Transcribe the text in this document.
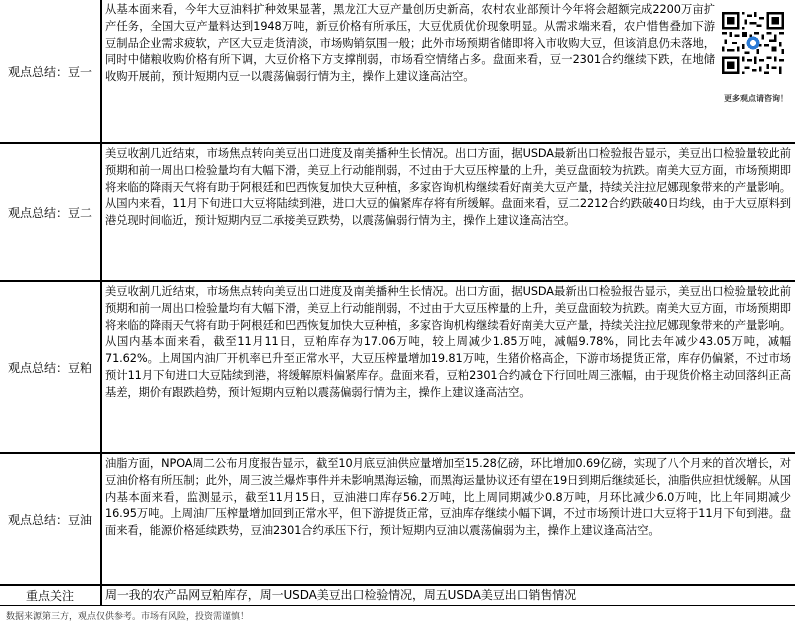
观点总结：豆一
从基本面来看，今年大豆油料扩种效果显著，黑龙江大豆产量创历史新高，农村农业部预计今年将会超额完成2200万亩扩产任务，全国大豆产量料达到1948万吨，新豆价格有所承压，大豆优质优价现象明显。从需求端来看，农户惜售叠加下游豆制品企业需求疲软，产区大豆走货清淡，市场购销氛围一般；此外市场预期省储即将入市收购大豆，但该消息仍未落地，同时中储粮收购价格有所下调，大豆价格下方支撑削弱，市场看空情绪占多。盘面来看，豆一2301合约继续下跌，在地储收购开展前，预计短期内豆一以震荡偏弱行情为主，操作上建议逢高沽空。
更多观点请咨询！
观点总结：豆二
美豆收割几近结束，市场焦点转向美豆出口进度及南美播种生长情况。出口方面，据USDA最新出口检验报告显示，美豆出口检验量较此前预期和前一周出口检验量均有大幅下滑，美豆上行动能削弱，不过由于大豆压榨量的上升，美豆盘面较为抗跌。南美大豆方面，市场预期即将来临的降雨天气将有助于阿根廷和巴西恢复加快大豆种植，多家咨询机构继续看好南美大豆产量，持续关注拉尼娜现象带来的产量影响。从国内来看，11月下旬进口大豆将陆续到港，进口大豆的偏紧库存将有所缓解。盘面来看，豆二2212合约跌破40日均线，由于大豆原料到港兑现时间临近，预计短期内豆二承接美豆跌势，以震荡偏弱行情为主，操作上建议逢高沽空。
观点总结：豆粕
美豆收割几近结束，市场焦点转向美豆出口进度及南美播种生长情况。出口方面，据USDA最新出口检验报告显示，美豆出口检验量较此前预期和前一周出口检验量均有大幅下滑，美豆上行动能削弱，不过由于大豆压榨量的上升，美豆盘面较为抗跌。南美大豆方面，市场预期即将来临的降雨天气将有助于阿根廷和巴西恢复加快大豆种植，多家咨询机构继续看好南美大豆产量，持续关注拉尼娜现象带来的产量影响。从国内基本面来看，截至11月11日，豆粕库存为17.06万吨，较上周减少1.85万吨，减幅9.78%，同比去年减少43.05万吨，减幅71.62%。上周国内油厂开机率已升至正常水平，大豆压榨量增加19.81万吨，生猪价格高企，下游市场提货正常，库存仍偏紧，不过市场预计11月下旬进口大豆陆续到港，将缓解原料偏紧库存。盘面来看，豆粕2301合约减仓下行回吐周三涨幅，由于现货价格主动回落纠正高基差，期价有跟跌趋势，预计短期内豆粕以震荡偏弱行情为主，操作上建议逢高沽空。
观点总结：豆油
油脂方面，NPOA周二公布月度报告显示，截至10月底豆油供应量增加至15.28亿磅，环比增加0.69亿磅，实现了八个月来的首次增长，对豆油价格有所压制；此外，周三波兰爆炸事件并未影响黑海运输，而黑海运量协议还有望在19日到期后继续延长，油脂供应担忧缓解。从国内基本面来看，监测显示，截至11月15日，豆油港口库存56.2万吨，比上周同期减少0.8万吨，月环比减少6.0万吨，比上年同期减少16.95万吨。上周油厂压榨量增加回到正常水平，但下游提货正常，豆油库存继续小幅下调，不过市场预计进口大豆将于11月下旬到港。盘面来看，能源价格延续跌势，豆油2301合约承压下行，预计短期内豆油以震荡偏弱为主，操作上建议逢高沽空。
重点关注	周一我的农产品网豆粕库存，周一USDA美豆出口检验情况，周五USDA美豆出口销售情况
数据来源第三方，观点仅供参考。市场有风险，投资需谨慎！
